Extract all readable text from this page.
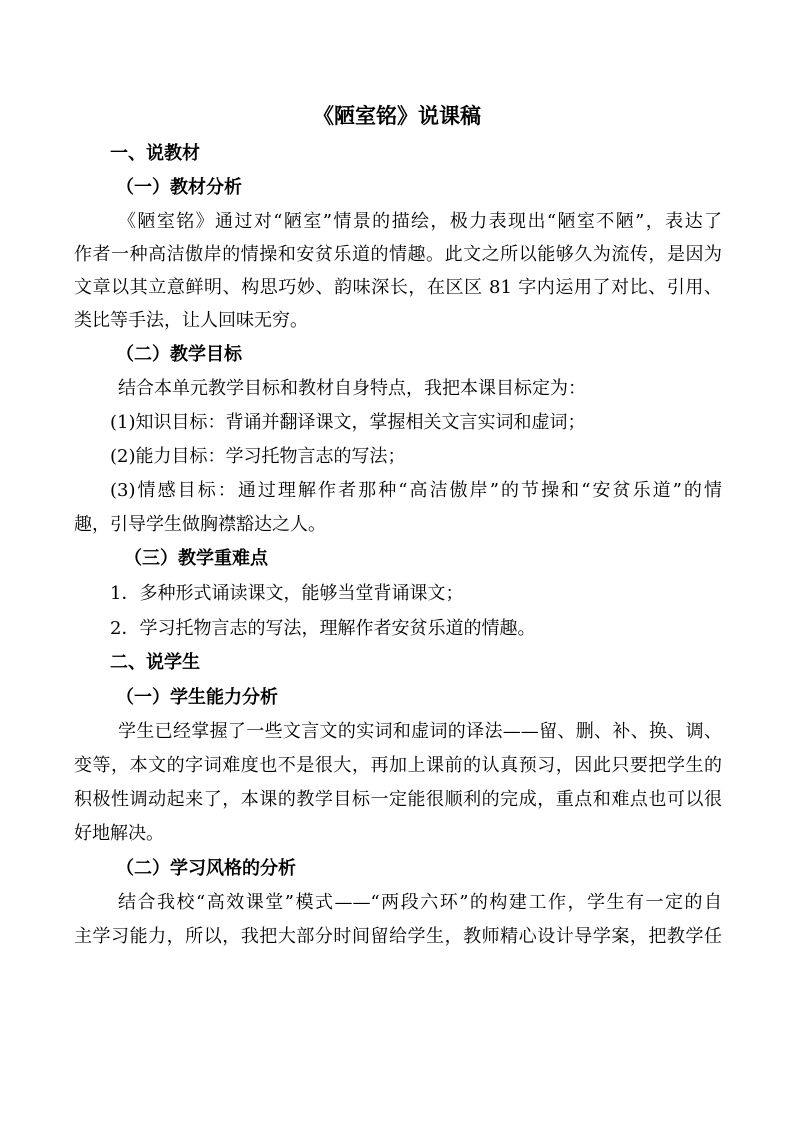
《陋室铭》说课稿
一、说教材
（一）教材分析
《陋室铭》通过对“陋室”情景的描绘，极力表现出“陋室不陋”，表达了
作者一种高洁傲岸的情操和安贫乐道的情趣。此文之所以能够久为流传，是因为
文章以其立意鲜明、构思巧妙、韵味深长，在区区 81 字内运用了对比、引用、
类比等手法，让人回味无穷。
（二）教学目标
结合本单元教学目标和教材自身特点，我把本课目标定为：
(1)知识目标：背诵并翻译课文，掌握相关文言实词和虚词；
(2)能力目标：学习托物言志的写法；
(3)情感目标：通过理解作者那种“高洁傲岸”的节操和“安贫乐道”的情
趣，引导学生做胸襟豁达之人。
（三）教学重难点
1．多种形式诵读课文，能够当堂背诵课文；
2．学习托物言志的写法，理解作者安贫乐道的情趣。
二、说学生
（一）学生能力分析
学生已经掌握了一些文言文的实词和虚词的译法——留、删、补、换、调、
变等，本文的字词难度也不是很大，再加上课前的认真预习，因此只要把学生的
积极性调动起来了，本课的教学目标一定能很顺利的完成，重点和难点也可以很
好地解决。
（二）学习风格的分析
结合我校“高效课堂”模式——“两段六环”的构建工作，学生有一定的自
主学习能力，所以，我把大部分时间留给学生，教师精心设计导学案，把教学任
